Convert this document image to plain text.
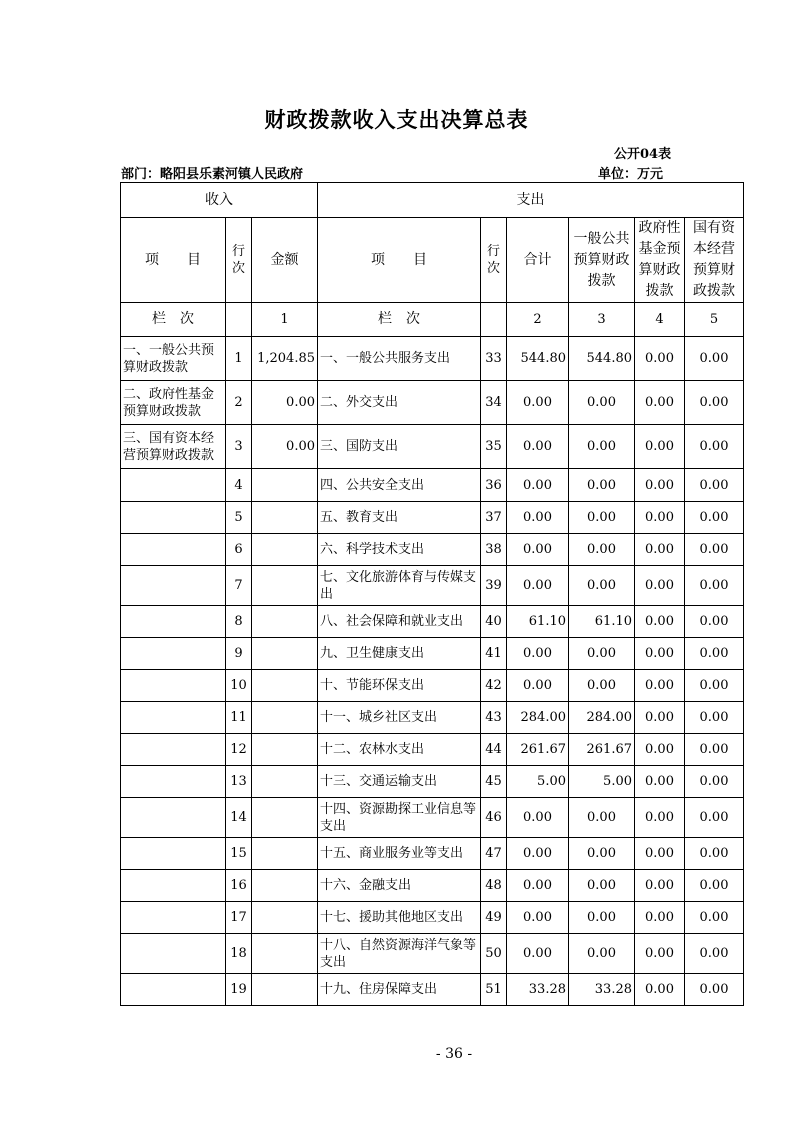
财政拨款收入支出决算总表
公开04表
部门：略阳县乐素河镇人民政府	单位：万元
收入			支出					
项　　目	行次	金额	项　　目	行次	合计	一般公共预算财政拨款	政府性基金预算财政拨款	国有资本经营预算财政拨款
栏　次		1	栏　次		2	3	4	5
一、一般公共预算财政拨款	1	1,204.85	一、一般公共服务支出	33	544.80	544.80	0.00	0.00
二、政府性基金预算财政拨款	2	0.00	二、外交支出	34	0.00	0.00	0.00	0.00
三、国有资本经营预算财政拨款	3	0.00	三、国防支出	35	0.00	0.00	0.00	0.00
	4		四、公共安全支出	36	0.00	0.00	0.00	0.00
	5		五、教育支出	37	0.00	0.00	0.00	0.00
	6		六、科学技术支出	38	0.00	0.00	0.00	0.00
	7		七、文化旅游体育与传媒支出	39	0.00	0.00	0.00	0.00
	8		八、社会保障和就业支出	40	61.10	61.10	0.00	0.00
	9		九、卫生健康支出	41	0.00	0.00	0.00	0.00
	10		十、节能环保支出	42	0.00	0.00	0.00	0.00
	11		十一、城乡社区支出	43	284.00	284.00	0.00	0.00
	12		十二、农林水支出	44	261.67	261.67	0.00	0.00
	13		十三、交通运输支出	45	5.00	5.00	0.00	0.00
	14		十四、资源勘探工业信息等支出	46	0.00	0.00	0.00	0.00
	15		十五、商业服务业等支出	47	0.00	0.00	0.00	0.00
	16		十六、金融支出	48	0.00	0.00	0.00	0.00
	17		十七、援助其他地区支出	49	0.00	0.00	0.00	0.00
	18		十八、自然资源海洋气象等支出	50	0.00	0.00	0.00	0.00
	19		十九、住房保障支出	51	33.28	33.28	0.00	0.00
- 36 -
